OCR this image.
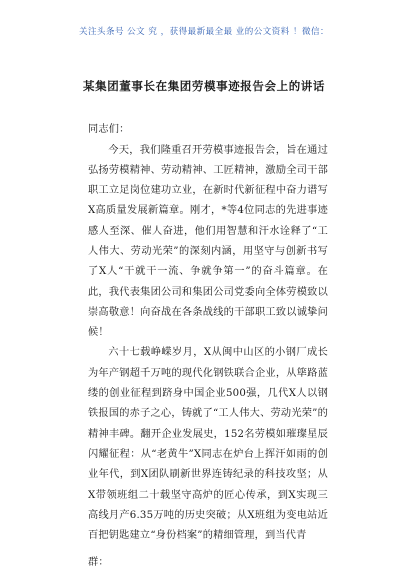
关注头条号 公文 究 ，获得最新最全最 业的公文资料 ！微信：
某集团董事长在集团劳模事迹报告会上的讲话

同志们：

今天，我们隆重召开劳模事迹报告会，旨在通过弘扬劳模精神、劳动精神、工匠精神，激励全司干部职工立足岗位建功立业，在新时代新征程中奋力谱写X高质量发展新篇章。刚才，*等4位同志的先进事迹感人至深、催人奋进，他们用智慧和汗水诠释了“工人伟大、劳动光荣”的深刻内涵，用坚守与创新书写了X人“干就干一流、争就争第一”的奋斗篇章。在此，我代表集团公司和集团公司党委向全体劳模致以崇高敬意！向奋战在各条战线的干部职工致以诚挚问候！

六十七载峥嵘岁月，X从闽中山区的小钢厂成长为年产钢超千万吨的现代化钢铁联合企业，从筚路蓝缕的创业征程到跻身中国企业500强，几代X人以钢铁报国的赤子之心，铸就了“工人伟大、劳动光荣”的精神丰碑。翻开企业发展史，152名劳模如璀璨星辰闪耀征程：从“老黄牛”X同志在炉台上挥汗如雨的创业年代，到X团队刷新世界连铸纪录的科技攻坚；从X带领班组二十载坚守高炉的匠心传承，到X实现三高线月产6.35万吨的历史突破；从X班组为变电站近百把钥匙建立“身份档案”的精细管理，到当代青

群：
